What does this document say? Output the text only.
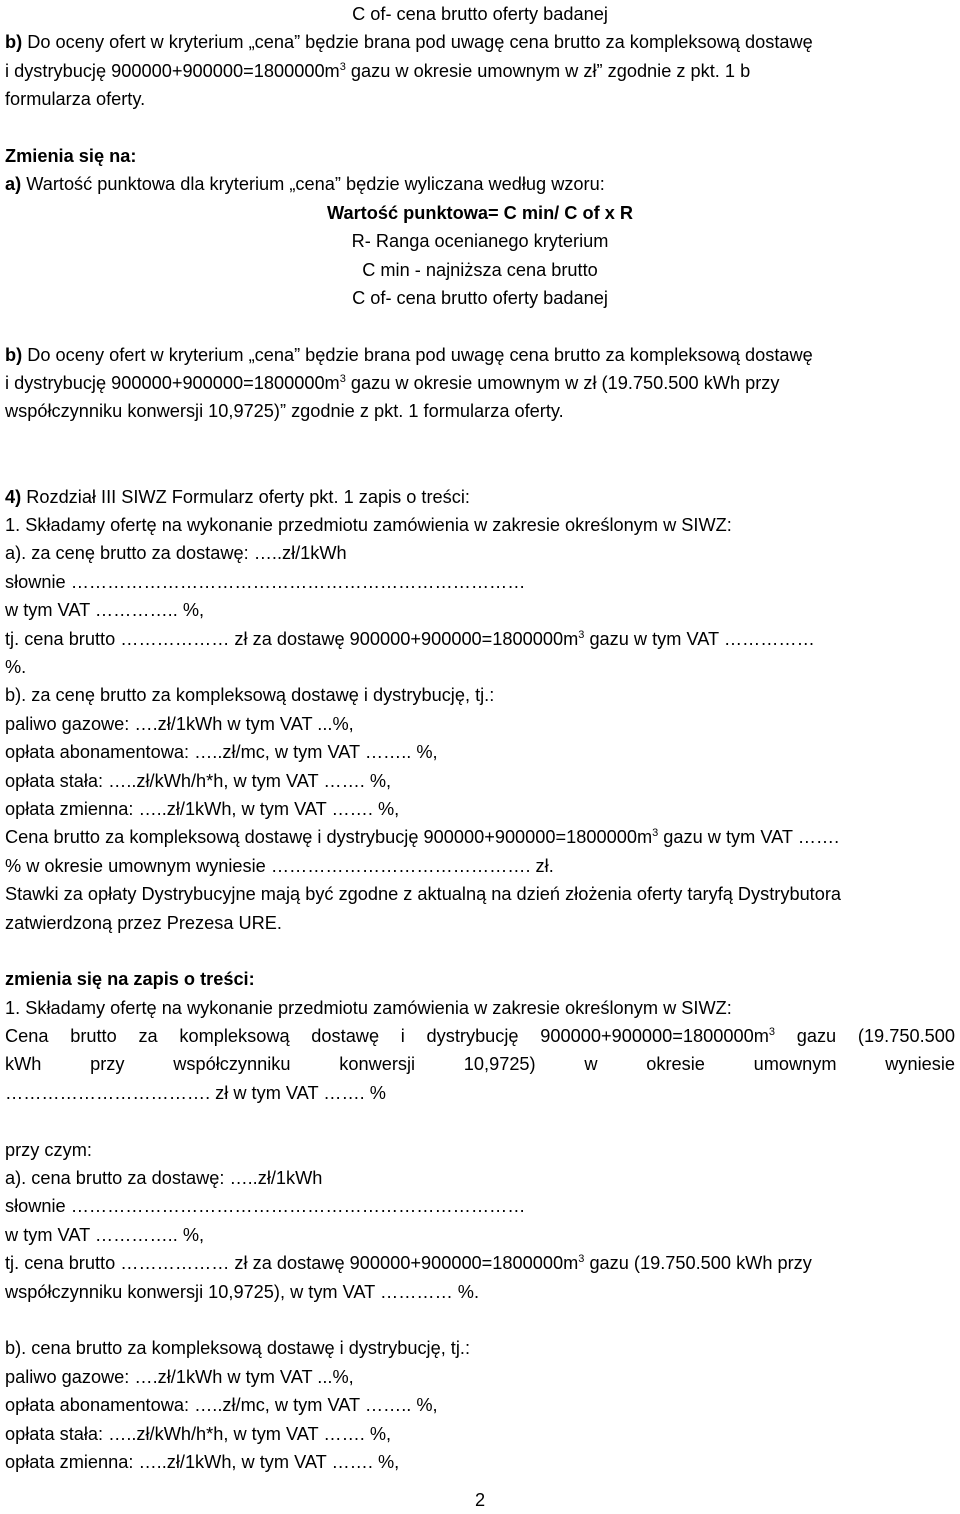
C of- cena brutto oferty badanej
b) Do oceny ofert w kryterium „cena” będzie brana pod uwagę cena brutto za kompleksową dostawę
i dystrybucję $900000+900000=1800000m^3$ gazu w okresie umownym w zł” zgodnie z pkt. 1 b
formularza oferty.
Zmienia się na:
a) Wartość punktowa dla kryterium „cena” będzie wyliczana według wzoru:
Wartość punktowa= C min/ C of x R
R- Ranga ocenianego kryterium
C min - najniższa cena brutto
C of- cena brutto oferty badanej
b) Do oceny ofert w kryterium „cena” będzie brana pod uwagę cena brutto za kompleksową dostawę
i dystrybucję $900000+900000=1800000m^3$ gazu w okresie umownym w zł (19.750.500 kWh przy
współczynniku konwersji 10,9725)” zgodnie z pkt. 1 formularza oferty.
4) Rozdział III SIWZ Formularz oferty pkt. 1 zapis o treści:
1. Składamy ofertę na wykonanie przedmiotu zamówienia w zakresie określonym w SIWZ:
a). za cenę brutto za dostawę: …..zł/1kWh
słownie …………………………………………………………………
w tym VAT ………….. %,
tj. cena brutto ……………… zł za dostawę $900000+900000=1800000m^3$ gazu w tym VAT ……………
%.
b). za cenę brutto za kompleksową dostawę i dystrybucję, tj.:
paliwo gazowe: ….zł/1kWh w tym VAT ...%,
opłata abonamentowa: …..zł/mc, w tym VAT …….. %,
opłata stała: …..zł/kWh/h*h, w tym VAT ……. %,
opłata zmienna: …..zł/1kWh, w tym VAT ……. %,
Cena brutto za kompleksową dostawę i dystrybucję $900000+900000=1800000m^3$ gazu w tym VAT …….
% w okresie umownym wyniesie ……………………………………. zł.
Stawki za opłaty Dystrybucyjne mają być zgodne z aktualną na dzień złożenia oferty taryfą Dystrybutora
zatwierdzoną przez Prezesa URE.
zmienia się na zapis o treści:
1. Składamy ofertę na wykonanie przedmiotu zamówienia w zakresie określonym w SIWZ:
Cena brutto za kompleksową dostawę i dystrybucję $900000+900000=1800000m^3$ gazu (19.750.500
kWh przy współczynniku konwersji 10,9725) w okresie umownym wyniesie
……………………………. zł w tym VAT ……. %
przy czym:
a). cena brutto za dostawę: …..zł/1kWh
słownie …………………………………………………………………
w tym VAT ………….. %,
tj. cena brutto ……………… zł za dostawę $900000+900000=1800000m^3$ gazu (19.750.500 kWh przy
współczynniku konwersji 10,9725), w tym VAT ………… %.
b). cena brutto za kompleksową dostawę i dystrybucję, tj.:
paliwo gazowe: ….zł/1kWh w tym VAT ...%,
opłata abonamentowa: …..zł/mc, w tym VAT …….. %,
opłata stała: …..zł/kWh/h*h, w tym VAT ……. %,
opłata zmienna: …..zł/1kWh, w tym VAT ……. %,
2
